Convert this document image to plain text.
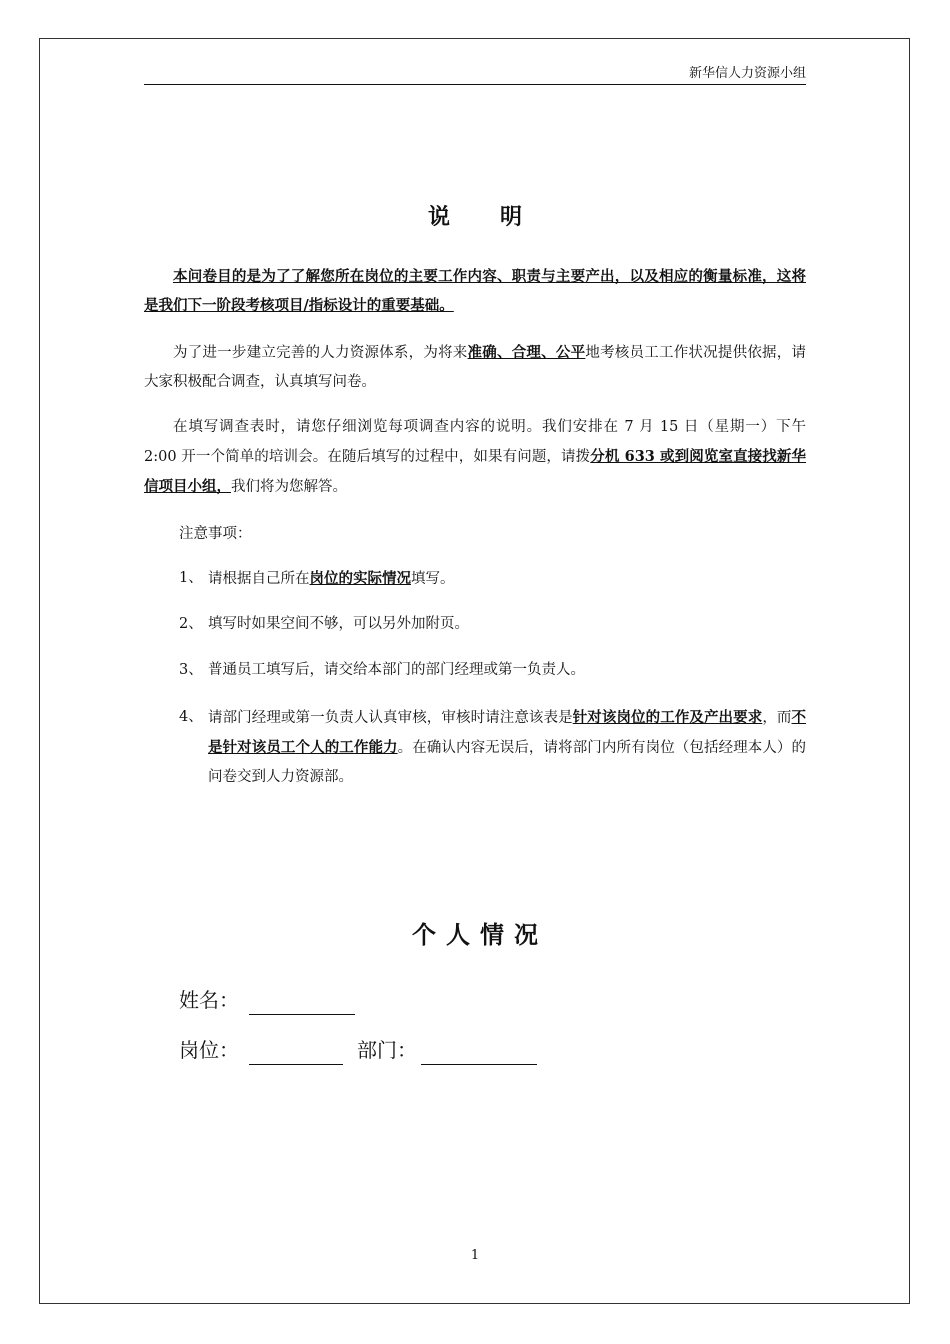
新华信人力资源小组
说明

本问卷目的是为了了解您所在岗位的主要工作内容、职责与主要产出，以及相应的衡量标准，这将是我们下一阶段考核项目/指标设计的重要基础。

为了进一步建立完善的人力资源体系，为将来准确、合理、公平地考核员工工作状况提供依据，请大家积极配合调查，认真填写问卷。

在填写调查表时，请您仔细浏览每项调查内容的说明。我们安排在 7 月 15 日（星期一）下午 2:00 开一个简单的培训会。在随后填写的过程中，如果有问题，请拨分机 633 或到阅览室直接找新华信项目小组，我们将为您解答。

注意事项：
1、 请根据自己所在岗位的实际情况填写。
2、 填写时如果空间不够，可以另外加附页。
3、 普通员工填写后，请交给本部门的部门经理或第一负责人。
4、 请部门经理或第一负责人认真审核，审核时请注意该表是针对该岗位的工作及产出要求，而不是针对该员工个人的工作能力。在确认内容无误后，请将部门内所有岗位（包括经理本人）的问卷交到人力资源部。
个人情况
姓名：
岗位：	部门：
1
